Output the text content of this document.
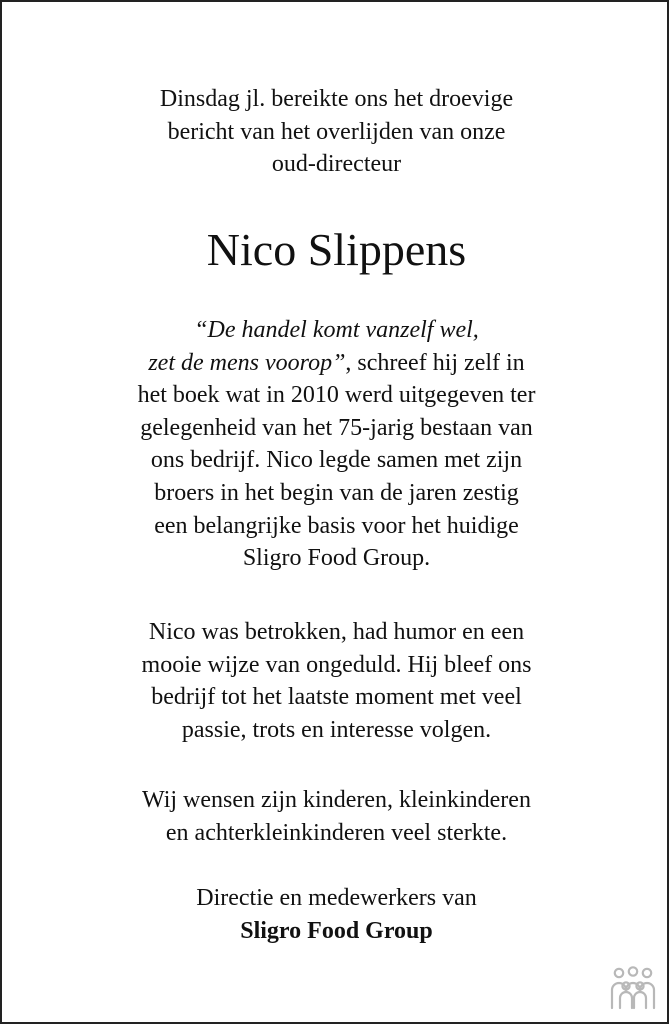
Dinsdag jl. bereikte ons het droevige
bericht van het overlijden van onze
oud-directeur
Nico Slippens
“De handel komt vanzelf wel,
zet de mens voorop”, schreef hij zelf in
het boek wat in 2010 werd uitgegeven ter
gelegenheid van het 75-jarig bestaan van
ons bedrijf. Nico legde samen met zijn
broers in het begin van de jaren zestig
een belangrijke basis voor het huidige
Sligro Food Group.
Nico was betrokken, had humor en een
mooie wijze van ongeduld. Hij bleef ons
bedrijf tot het laatste moment met veel
passie, trots en interesse volgen.
Wij wensen zijn kinderen, kleinkinderen
en achterkleinkinderen veel sterkte.
Directie en medewerkers van
Sligro Food Group
